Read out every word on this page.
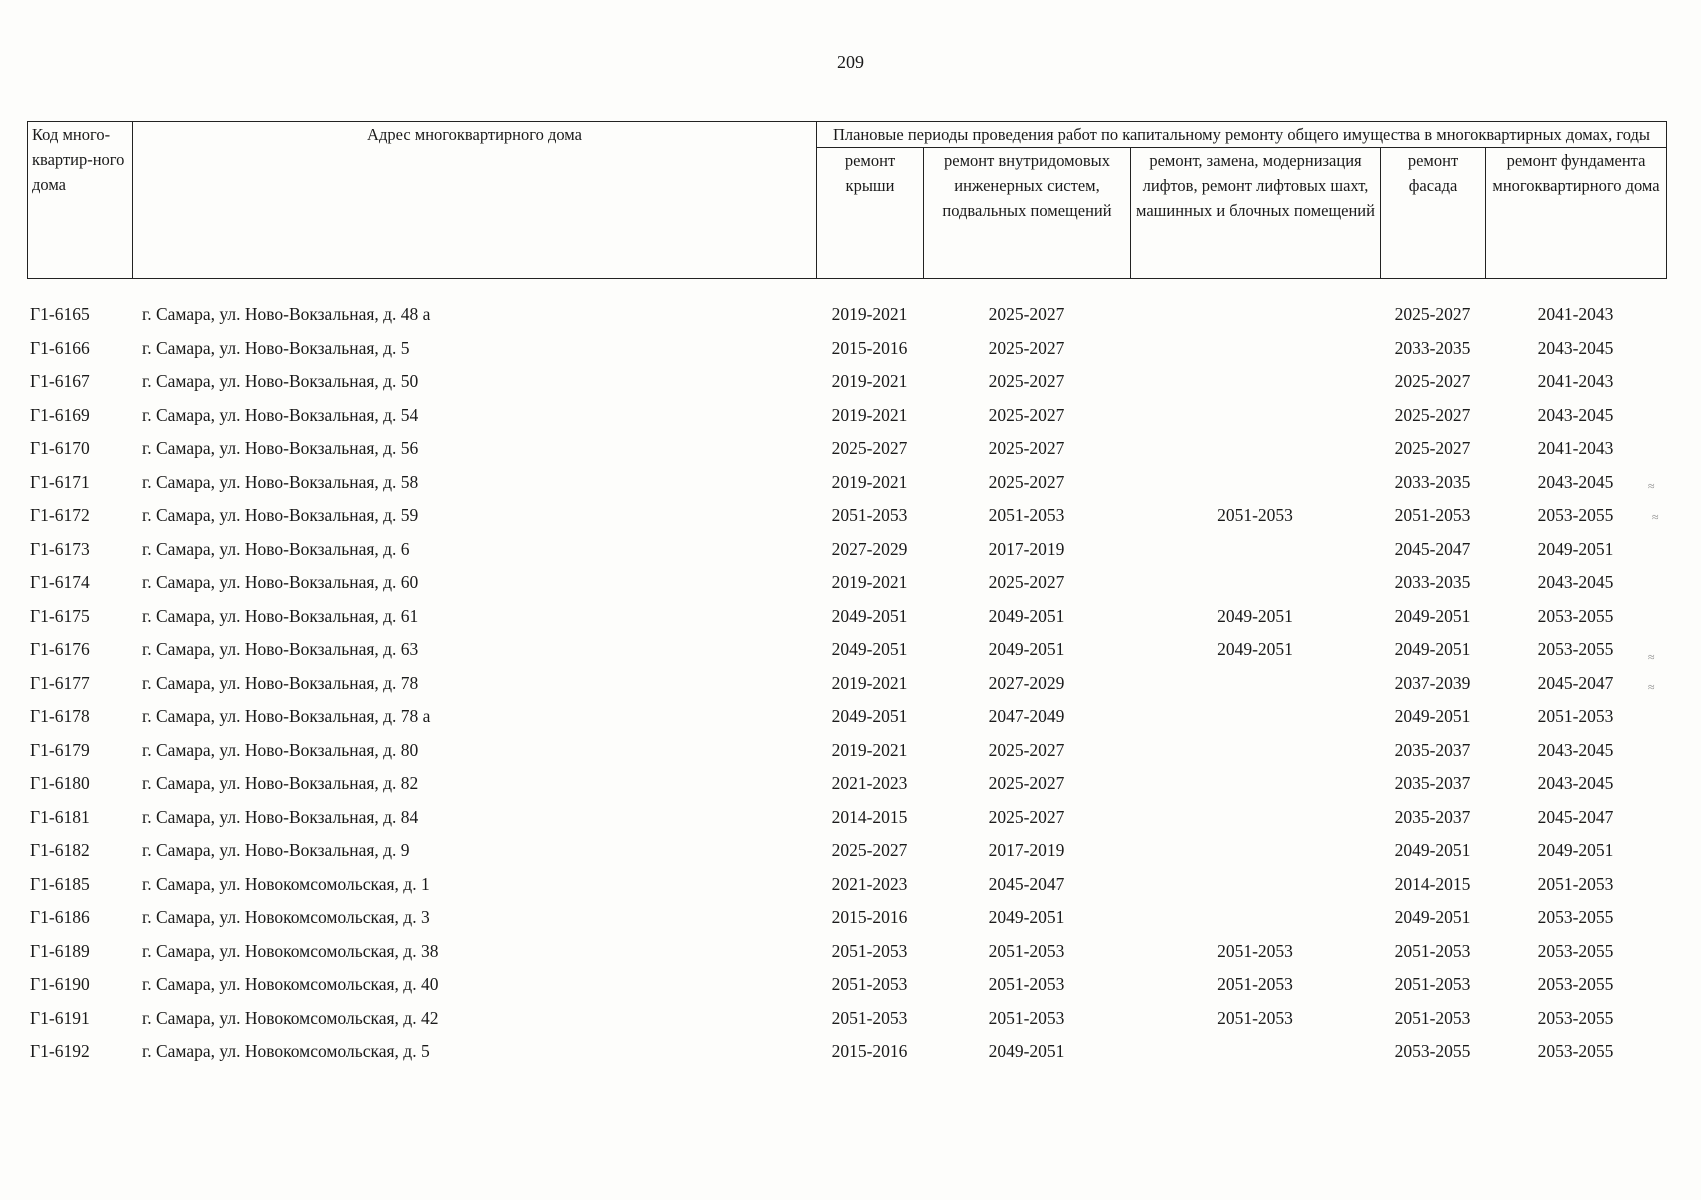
209
Код много-квартир-ного дома	Адрес многоквартирного дома	Плановые периоды проведения работ по капитальному ремонту общего имущества в многоквартирных домах, годы				
		ремонт крыши	ремонт внутридомовых инженерных систем, подвальных помещений	ремонт, замена, модернизация лифтов, ремонт лифтовых шахт, машинных и блочных помещений	ремонт фасада	ремонт фундамента многоквартирного дома
Г1-6165	г. Самара, ул. Ново-Вокзальная, д. 48 а	2019-2021	2025-2027		2025-2027	2041-2043
Г1-6166	г. Самара, ул. Ново-Вокзальная, д. 5	2015-2016	2025-2027		2033-2035	2043-2045
Г1-6167	г. Самара, ул. Ново-Вокзальная, д. 50	2019-2021	2025-2027		2025-2027	2041-2043
Г1-6169	г. Самара, ул. Ново-Вокзальная, д. 54	2019-2021	2025-2027		2025-2027	2043-2045
Г1-6170	г. Самара, ул. Ново-Вокзальная, д. 56	2025-2027	2025-2027		2025-2027	2041-2043
Г1-6171	г. Самара, ул. Ново-Вокзальная, д. 58	2019-2021	2025-2027		2033-2035	2043-2045
Г1-6172	г. Самара, ул. Ново-Вокзальная, д. 59	2051-2053	2051-2053	2051-2053	2051-2053	2053-2055
Г1-6173	г. Самара, ул. Ново-Вокзальная, д. 6	2027-2029	2017-2019		2045-2047	2049-2051
Г1-6174	г. Самара, ул. Ново-Вокзальная, д. 60	2019-2021	2025-2027		2033-2035	2043-2045
Г1-6175	г. Самара, ул. Ново-Вокзальная, д. 61	2049-2051	2049-2051	2049-2051	2049-2051	2053-2055
Г1-6176	г. Самара, ул. Ново-Вокзальная, д. 63	2049-2051	2049-2051	2049-2051	2049-2051	2053-2055
Г1-6177	г. Самара, ул. Ново-Вокзальная, д. 78	2019-2021	2027-2029		2037-2039	2045-2047
Г1-6178	г. Самара, ул. Ново-Вокзальная, д. 78 а	2049-2051	2047-2049		2049-2051	2051-2053
Г1-6179	г. Самара, ул. Ново-Вокзальная, д. 80	2019-2021	2025-2027		2035-2037	2043-2045
Г1-6180	г. Самара, ул. Ново-Вокзальная, д. 82	2021-2023	2025-2027		2035-2037	2043-2045
Г1-6181	г. Самара, ул. Ново-Вокзальная, д. 84	2014-2015	2025-2027		2035-2037	2045-2047
Г1-6182	г. Самара, ул. Ново-Вокзальная, д. 9	2025-2027	2017-2019		2049-2051	2049-2051
Г1-6185	г. Самара, ул. Новокомсомольская, д. 1	2021-2023	2045-2047		2014-2015	2051-2053
Г1-6186	г. Самара, ул. Новокомсомольская, д. 3	2015-2016	2049-2051		2049-2051	2053-2055
Г1-6189	г. Самара, ул. Новокомсомольская, д. 38	2051-2053	2051-2053	2051-2053	2051-2053	2053-2055
Г1-6190	г. Самара, ул. Новокомсомольская, д. 40	2051-2053	2051-2053	2051-2053	2051-2053	2053-2055
Г1-6191	г. Самара, ул. Новокомсомольская, д. 42	2051-2053	2051-2053	2051-2053	2051-2053	2053-2055
Г1-6192	г. Самара, ул. Новокомсомольская, д. 5	2015-2016	2049-2051		2053-2055	2053-2055
≈
≈
≈
≈
